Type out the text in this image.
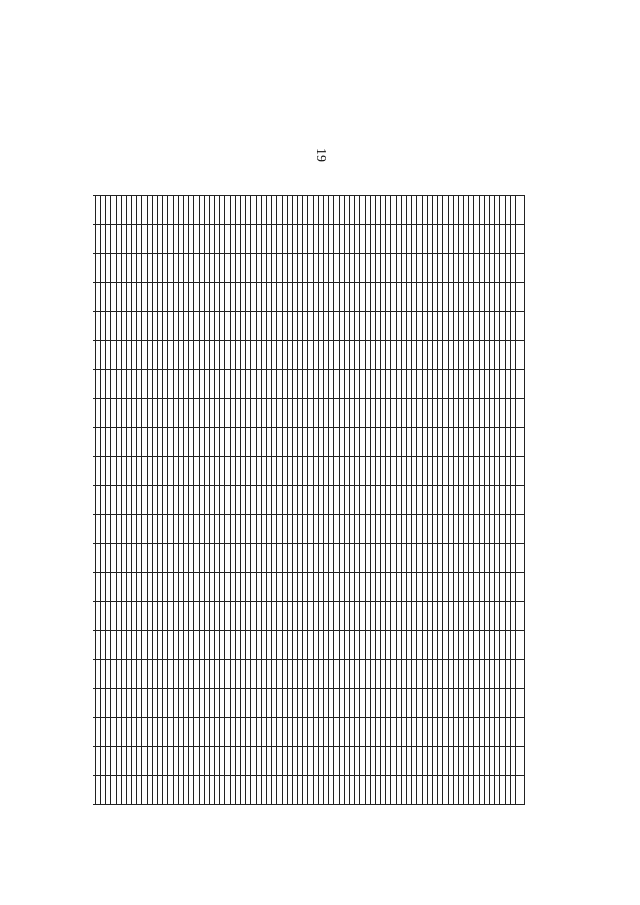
19
